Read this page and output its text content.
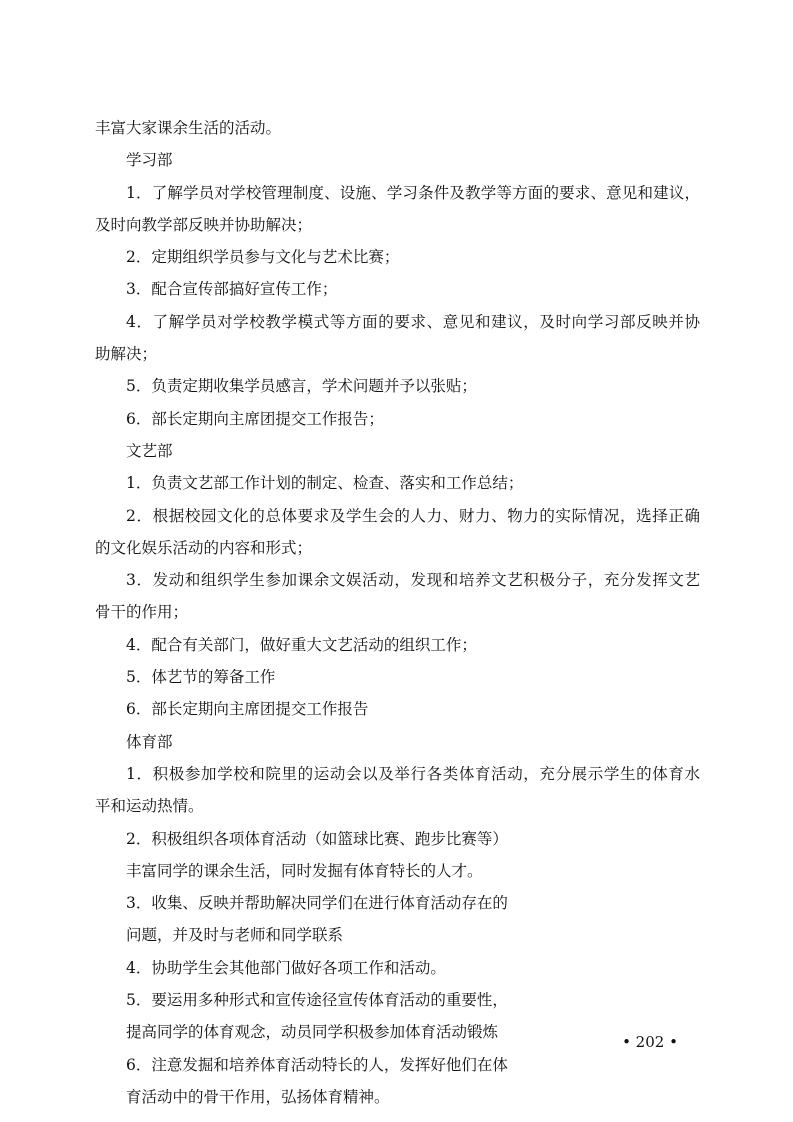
丰富大家课余生活的活动。
学习部
1．了解学员对学校管理制度、设施、学习条件及教学等方面的要求、意见和建议，
及时向教学部反映并协助解决；
2．定期组织学员参与文化与艺术比赛；
3．配合宣传部搞好宣传工作；
4．了解学员对学校教学模式等方面的要求、意见和建议，及时向学习部反映并协
助解决；
5．负责定期收集学员感言，学术问题并予以张贴；
6．部长定期向主席团提交工作报告；
文艺部
1．负责文艺部工作计划的制定、检查、落实和工作总结；
2．根据校园文化的总体要求及学生会的人力、财力、物力的实际情况，选择正确
的文化娱乐活动的内容和形式；
3．发动和组织学生参加课余文娱活动，发现和培养文艺积极分子，充分发挥文艺
骨干的作用；
4．配合有关部门，做好重大文艺活动的组织工作；
5．体艺节的筹备工作
6．部长定期向主席团提交工作报告
体育部
1．积极参加学校和院里的运动会以及举行各类体育活动，充分展示学生的体育水
平和运动热情。
2．积极组织各项体育活动（如篮球比赛、跑步比赛等）
丰富同学的课余生活，同时发掘有体育特长的人才。
3．收集、反映并帮助解决同学们在进行体育活动存在的
问题，并及时与老师和同学联系
4．协助学生会其他部门做好各项工作和活动。
5．要运用多种形式和宣传途径宣传体育活动的重要性，
提高同学的体育观念，动员同学积极参加体育活动锻炼
6．注意发掘和培养体育活动特长的人，发挥好他们在体
育活动中的骨干作用，弘扬体育精神。
• 202 •
